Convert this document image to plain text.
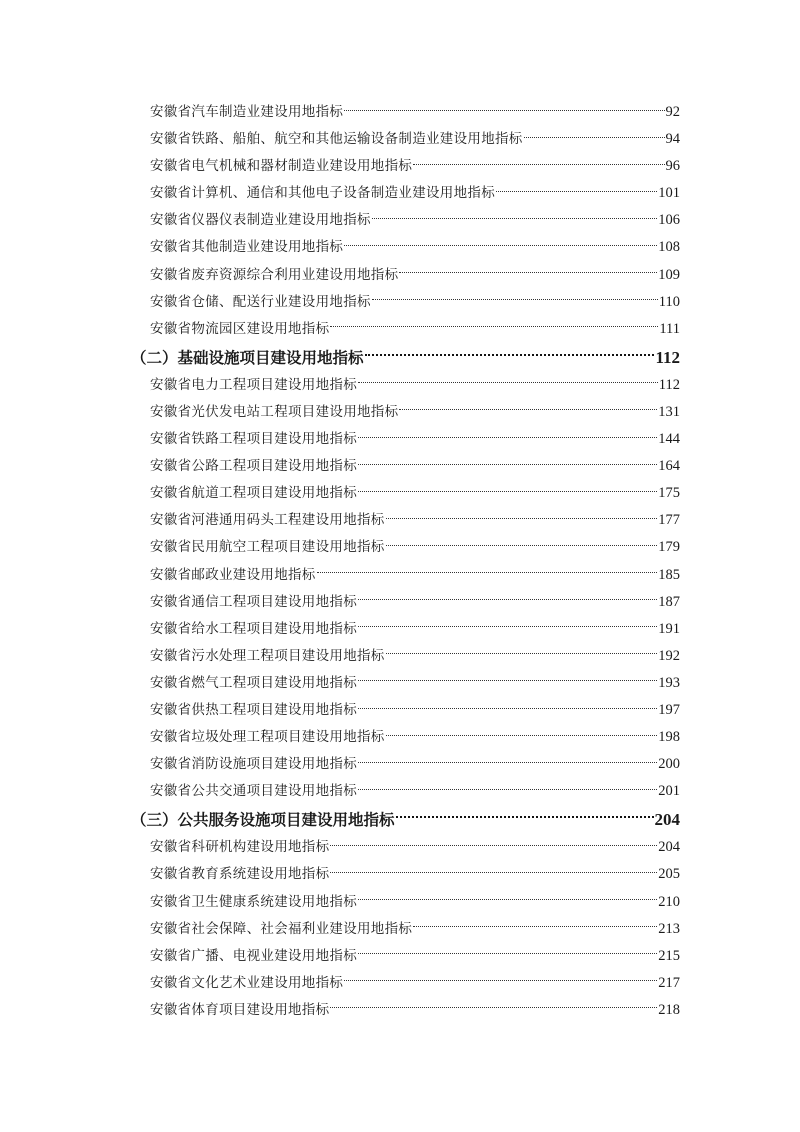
安徽省汽车制造业建设用地指标	92
安徽省铁路、船舶、航空和其他运输设备制造业建设用地指标	94
安徽省电气机械和器材制造业建设用地指标	96
安徽省计算机、通信和其他电子设备制造业建设用地指标	101
安徽省仪器仪表制造业建设用地指标	106
安徽省其他制造业建设用地指标	108
安徽省废弃资源综合利用业建设用地指标	109
安徽省仓储、配送行业建设用地指标	110
安徽省物流园区建设用地指标	111
（二）基础设施项目建设用地指标	112
安徽省电力工程项目建设用地指标	112
安徽省光伏发电站工程项目建设用地指标	131
安徽省铁路工程项目建设用地指标	144
安徽省公路工程项目建设用地指标	164
安徽省航道工程项目建设用地指标	175
安徽省河港通用码头工程建设用地指标	177
安徽省民用航空工程项目建设用地指标	179
安徽省邮政业建设用地指标	185
安徽省通信工程项目建设用地指标	187
安徽省给水工程项目建设用地指标	191
安徽省污水处理工程项目建设用地指标	192
安徽省燃气工程项目建设用地指标	193
安徽省供热工程项目建设用地指标	197
安徽省垃圾处理工程项目建设用地指标	198
安徽省消防设施项目建设用地指标	200
安徽省公共交通项目建设用地指标	201
（三）公共服务设施项目建设用地指标	204
安徽省科研机构建设用地指标	204
安徽省教育系统建设用地指标	205
安徽省卫生健康系统建设用地指标	210
安徽省社会保障、社会福利业建设用地指标	213
安徽省广播、电视业建设用地指标	215
安徽省文化艺术业建设用地指标	217
安徽省体育项目建设用地指标	218
